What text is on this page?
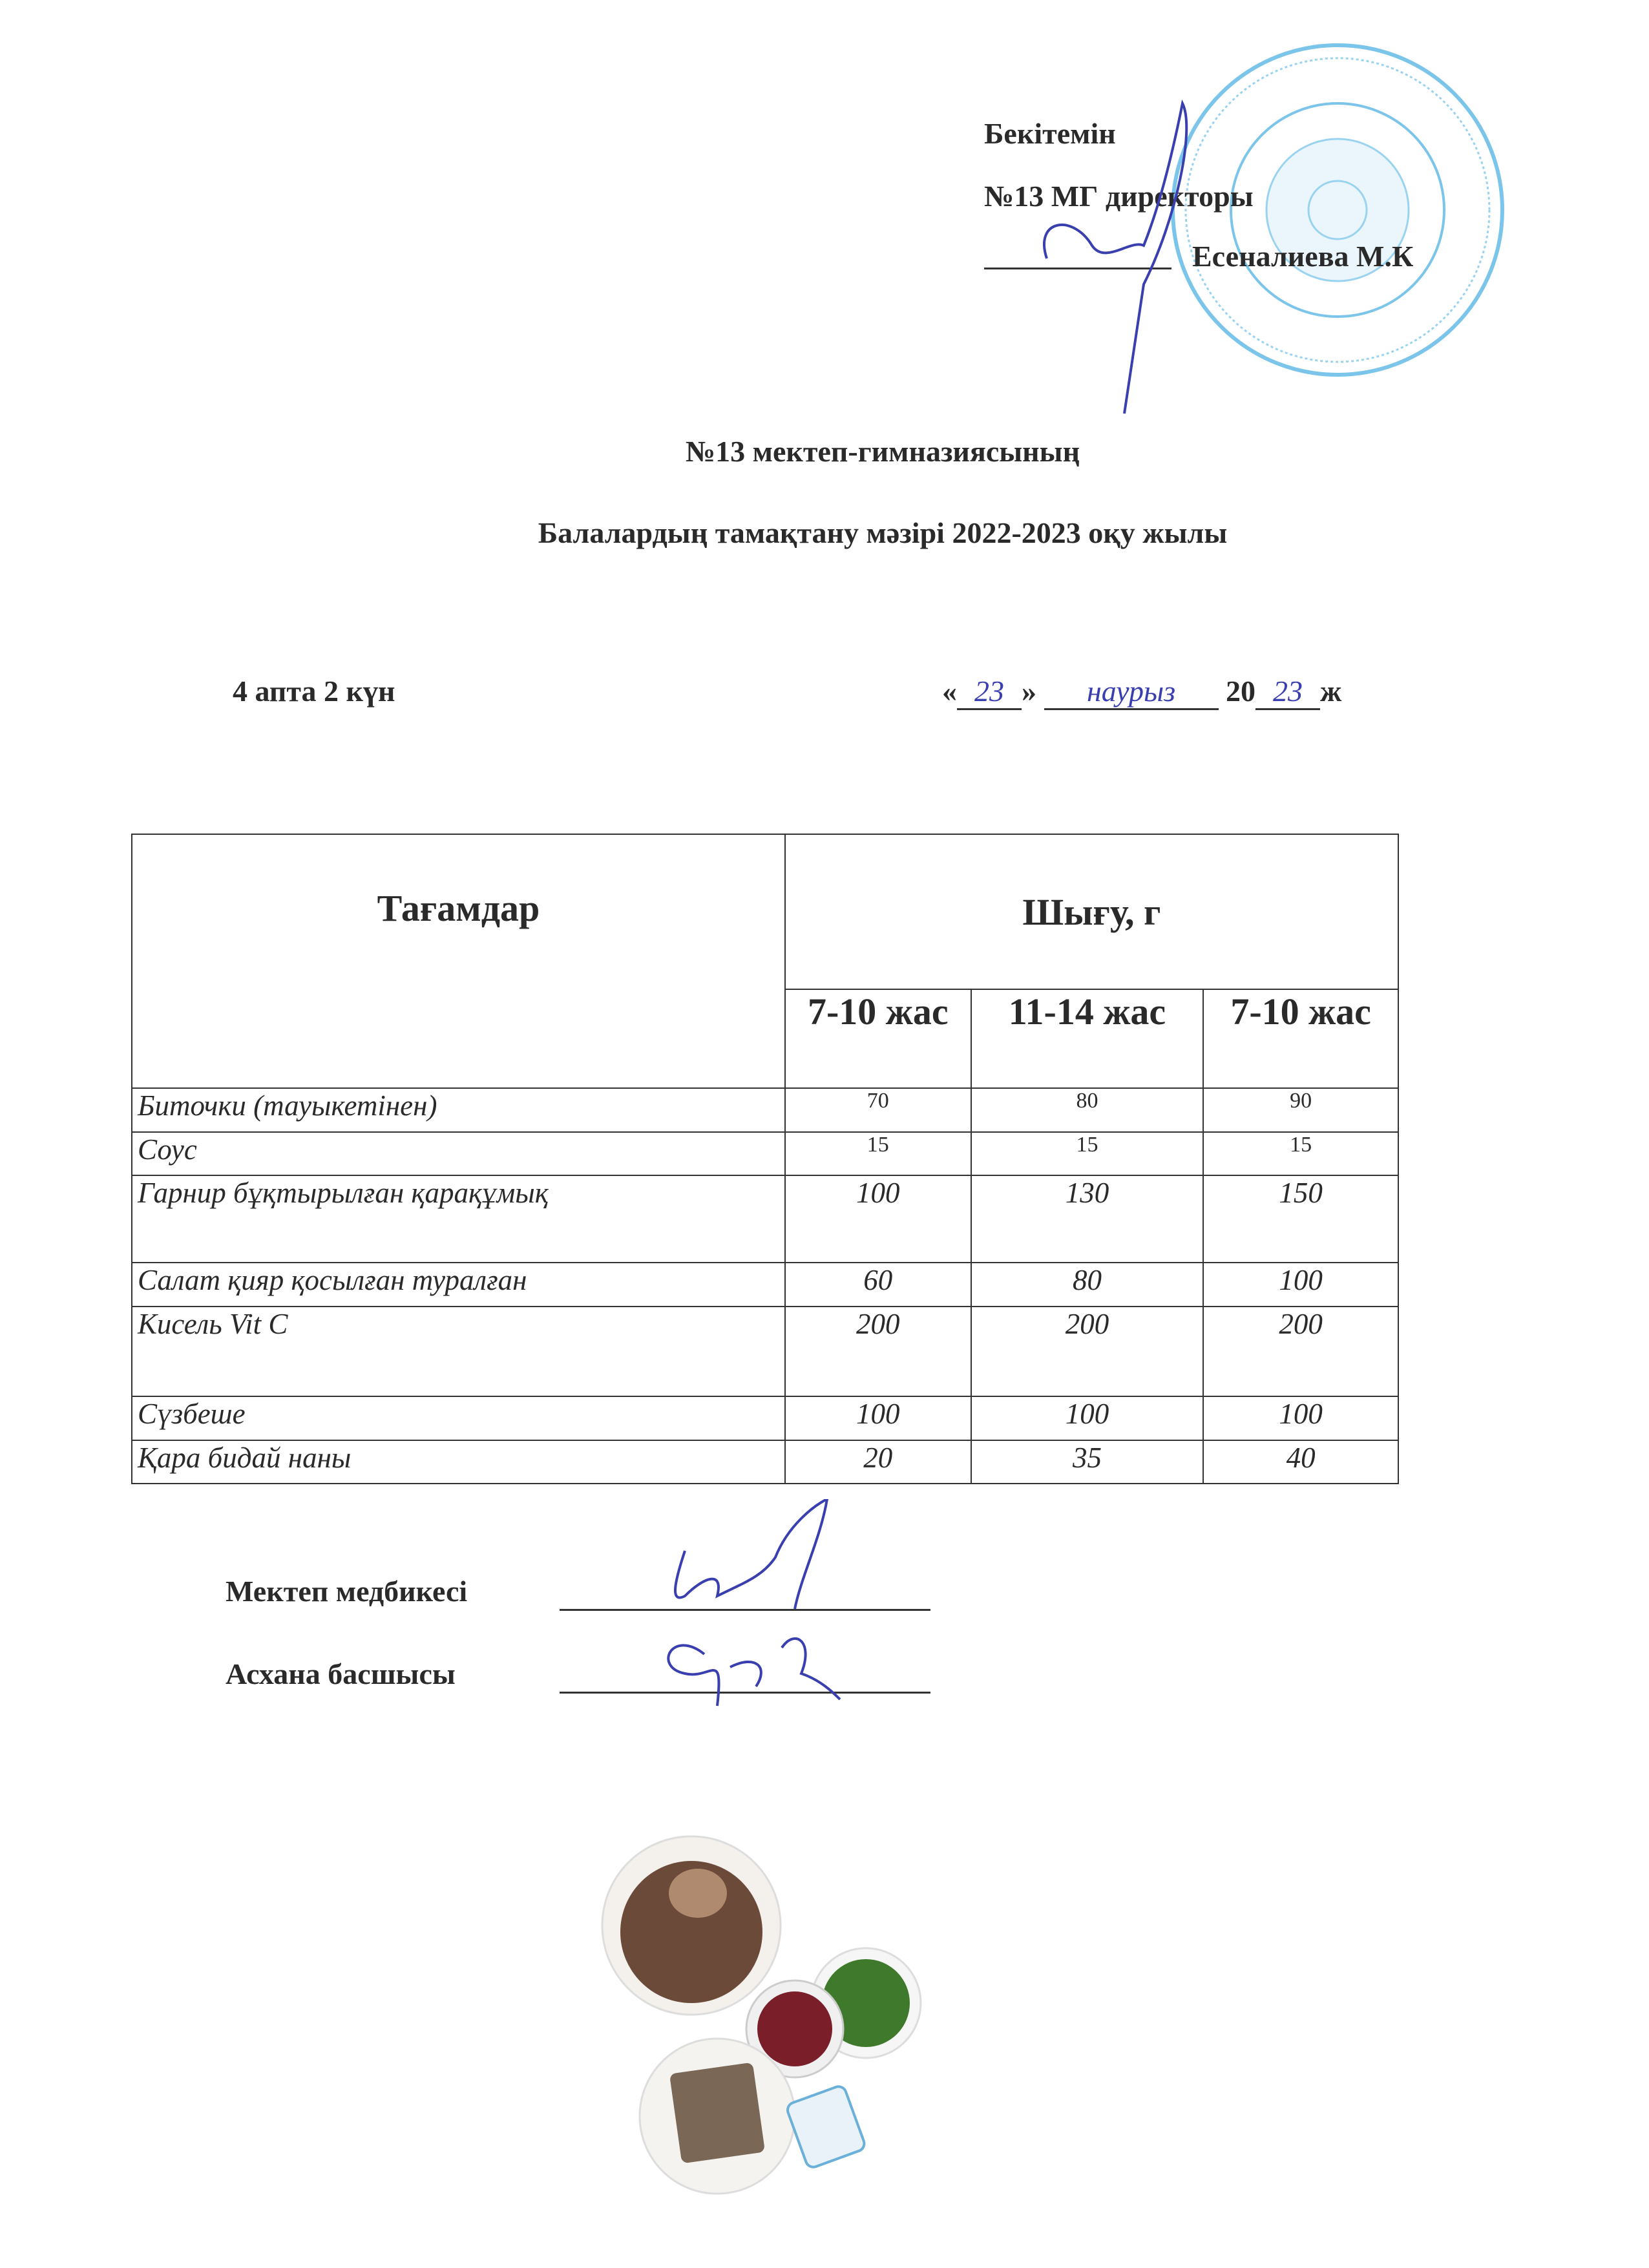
Бекітемін
№13 МГ директоры
Есеналиева М.К
№13 мектеп-гимназиясының
Балалардың тамақтану мәзірі 2022-2023 оқу жылы
4 апта 2 күн	« 23 » наурыз 20 23 ж
Тағамдар	Шығу, г		
	7-10 жас	11-14 жас	7-10 жас
Биточки (тауыкетінен)	70	80	90
Соус	15	15	15
Гарнир бұқтырылған қарақұмық	100	130	150
Салат қияр қосылған туралған	60	80	100
Кисель Vit C	200	200	200
Сүзбеше	100	100	100
Қара бидай наны	20	35	40
Мектеп медбикесі
Асхана басшысы
